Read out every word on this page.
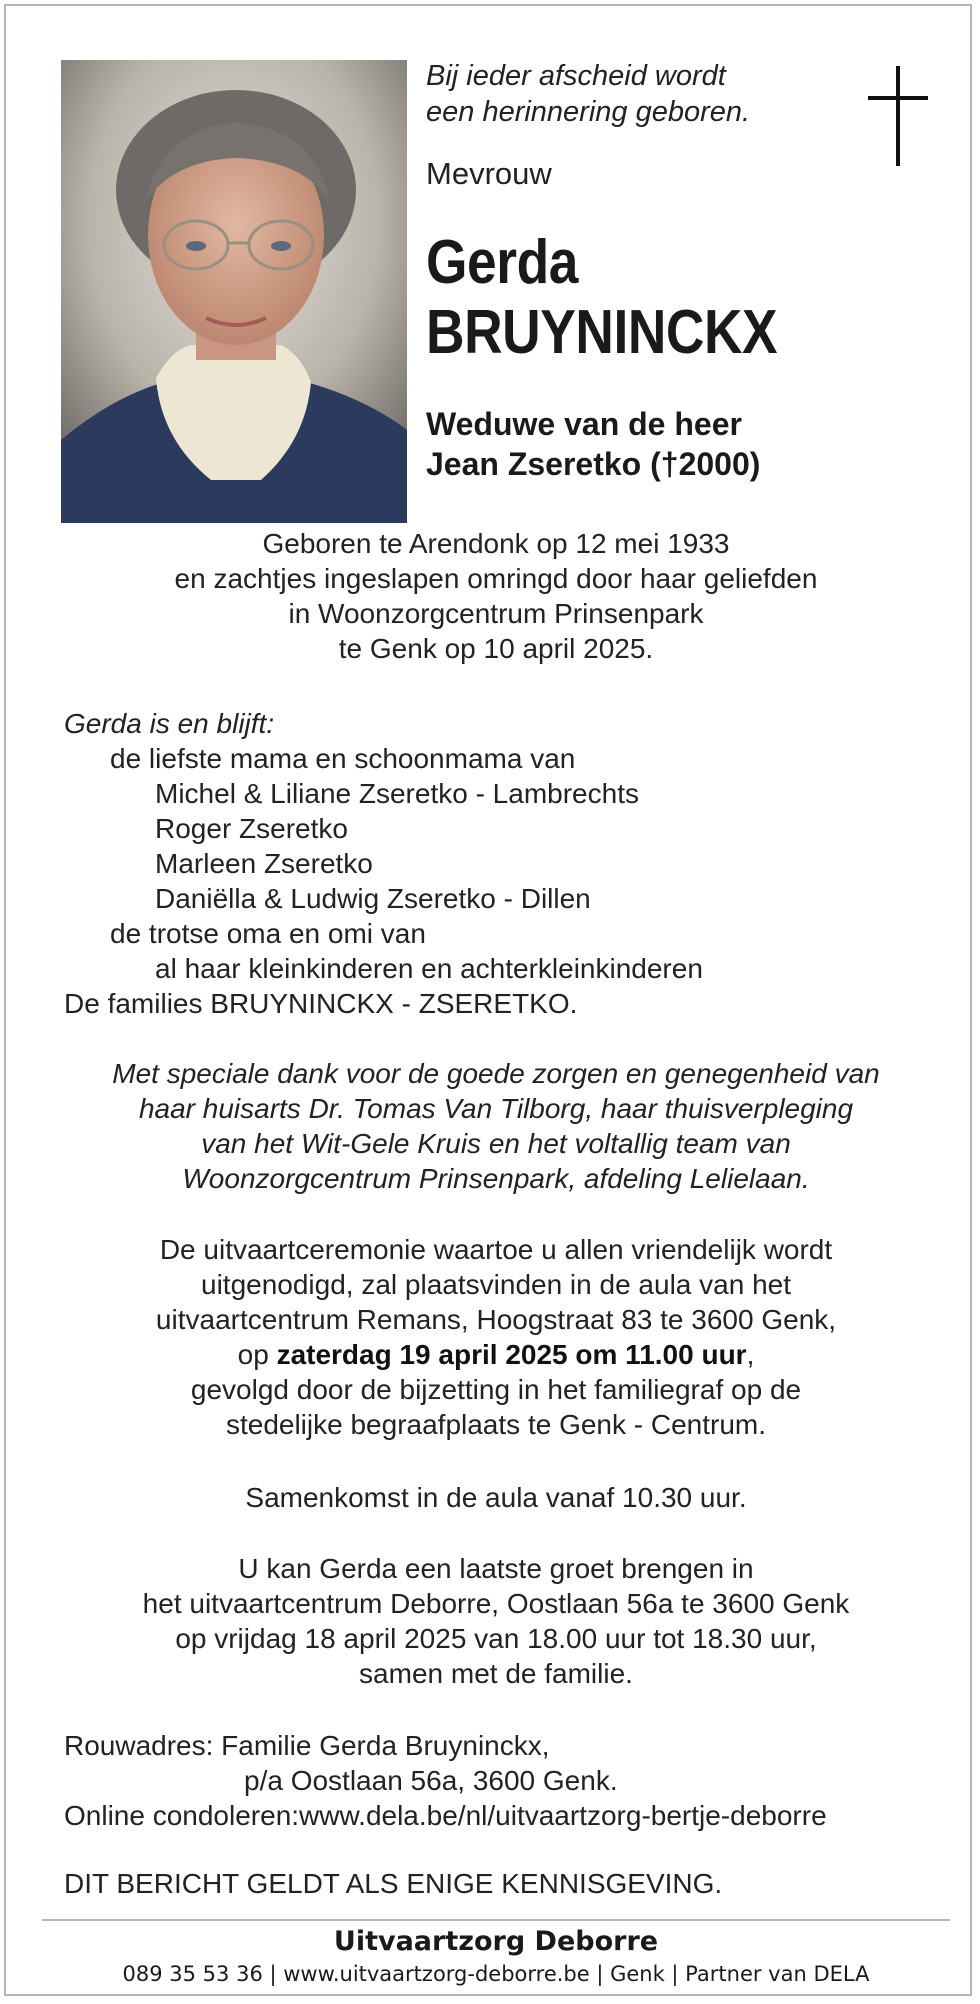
Bij ieder afscheid wordt
een herinnering geboren.
Mevrouw
Gerda
BRUYNINCKX
Weduwe van de heer
Jean Zseretko (†2000)
Geboren te Arendonk op 12 mei 1933
en zachtjes ingeslapen omringd door haar geliefden
in Woonzorgcentrum Prinsenpark
te Genk op 10 april 2025.
Gerda is en blijft:
de liefste mama en schoonmama van
Michel & Liliane Zseretko - Lambrechts
Roger Zseretko
Marleen Zseretko
Daniëlla & Ludwig Zseretko - Dillen
de trotse oma en omi van
al haar kleinkinderen en achterkleinkinderen
De families BRUYNINCKX - ZSERETKO.
Met speciale dank voor de goede zorgen en genegenheid van
haar huisarts Dr. Tomas Van Tilborg, haar thuisverpleging
van het Wit-Gele Kruis en het voltallig team van
Woonzorgcentrum Prinsenpark, afdeling Lelielaan.
De uitvaartceremonie waartoe u allen vriendelijk wordt
uitgenodigd, zal plaatsvinden in de aula van het
uitvaartcentrum Remans, Hoogstraat 83 te 3600 Genk,
op zaterdag 19 april 2025 om 11.00 uur,
gevolgd door de bijzetting in het familiegraf op de
stedelijke begraafplaats te Genk - Centrum.
Samenkomst in de aula vanaf 10.30 uur.
U kan Gerda een laatste groet brengen in
het uitvaartcentrum Deborre, Oostlaan 56a te 3600 Genk
op vrijdag 18 april 2025 van 18.00 uur tot 18.30 uur,
samen met de familie.
Rouwadres: Familie Gerda Bruyninckx,
p/a Oostlaan 56a, 3600 Genk.
Online condoleren:www.dela.be/nl/uitvaartzorg-bertje-deborre
DIT BERICHT GELDT ALS ENIGE KENNISGEVING.
Uitvaartzorg Deborre
089 35 53 36 | www.uitvaartzorg-deborre.be | Genk | Partner van DELA
